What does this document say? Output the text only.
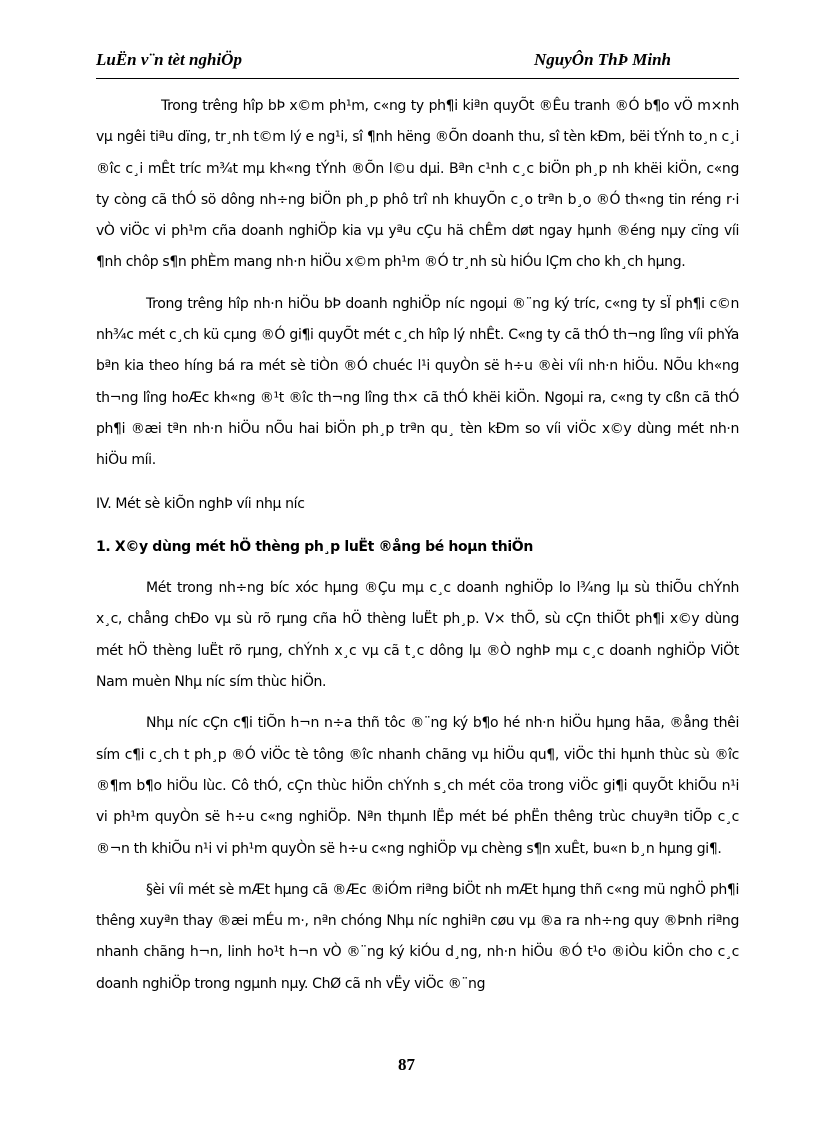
LuËn v¨n tèt nghiÖp	NguyÔn ThÞ Minh

Trong trêng hîp bÞ x©m ph¹m, c«ng ty ph¶i kiªn quyÕt ®Êu tranh ®Ó b¶o vÖ m×nh vµ ngêi tiªu dïng, tr¸nh t©m lý e ng¹i, sî ¶nh hëng ®Õn doanh thu, sî tèn kÐm, bëi tÝnh to¸n c¸i ®îc c¸i mÊt tríc m¾t mµ kh«ng tÝnh ®Õn l©u dµi. Bªn c¹nh c¸c biÖn ph¸p nh khëi kiÖn, c«ng ty còng cã thÓ sö dông nh÷ng biÖn ph¸p phô trî nh khuyÕn c¸o trªn b¸o ®Ó th«ng tin réng r·i vÒ viÖc vi ph¹m cña doanh nghiÖp kia vµ yªu cÇu hä chÊm døt ngay hµnh ®éng nµy cïng víi ¶nh chôp s¶n phÈm mang nh·n hiÖu x©m ph¹m ®Ó tr¸nh sù hiÓu lÇm cho kh¸ch hµng.

Trong trêng hîp nh·n hiÖu bÞ doanh nghiÖp níc ngoµi ®¨ng ký tríc, c«ng ty sÏ ph¶i c©n nh¾c mét c¸ch kü cµng ®Ó gi¶i quyÕt mét c¸ch hîp lý nhÊt. C«ng ty cã thÓ th¬ng lîng víi phÝa bªn kia theo híng bá ra mét sè tiÒn ®Ó chuéc l¹i quyÒn së h÷u ®èi víi nh·n hiÖu. NÕu kh«ng th¬ng lîng hoÆc kh«ng ®¹t ®îc th¬ng lîng th× cã thÓ khëi kiÖn. Ngoµi ra, c«ng ty cßn cã thÓ ph¶i ®æi tªn nh·n hiÖu nÕu hai biÖn ph¸p trªn qu¸ tèn kÐm so víi viÖc x©y dùng mét nh·n hiÖu míi.

IV. Mét sè kiÕn nghÞ víi nhµ níc

1. X©y dùng mét hÖ thèng ph¸p luËt ®ång bé hoµn thiÖn

Mét trong nh÷ng bíc xóc hµng ®Çu mµ c¸c doanh nghiÖp lo l¾ng lµ sù thiÕu chÝnh x¸c, chång chÐo vµ sù rõ rµng cña hÖ thèng luËt ph¸p. V× thÕ, sù cÇn thiÕt ph¶i x©y dùng mét hÖ thèng luËt rõ rµng, chÝnh x¸c vµ cã t¸c dông lµ ®Ò nghÞ mµ c¸c doanh nghiÖp ViÖt Nam muèn Nhµ níc sím thùc hiÖn.

Nhµ níc cÇn c¶i tiÕn h¬n n÷a thñ tôc ®¨ng ký b¶o hé nh·n hiÖu hµng hãa, ®ång thêi sím c¶i c¸ch t ph¸p ®Ó viÖc tè tông ®îc nhanh chãng vµ hiÖu qu¶, viÖc thi hµnh thùc sù ®îc ®¶m b¶o hiÖu lùc. Cô thÓ, cÇn thùc hiÖn chÝnh s¸ch mét cöa trong viÖc gi¶i quyÕt khiÕu n¹i vi ph¹m quyÒn së h÷u c«ng nghiÖp. Nªn thµnh lËp mét bé phËn thêng trùc chuyªn tiÕp c¸c ®¬n th khiÕu n¹i vi ph¹m quyÒn së h÷u c«ng nghiÖp vµ chèng s¶n xuÊt, bu«n b¸n hµng gi¶.

§èi víi mét sè mÆt hµng cã ®Æc ®iÓm riªng biÖt nh mÆt hµng thñ c«ng mü nghÖ ph¶i thêng xuyªn thay ®æi mÉu m·, nªn chóng Nhµ níc nghiªn cøu vµ ®a ra nh÷ng quy ®Þnh riªng nhanh chãng h¬n, linh ho¹t h¬n vÒ ®¨ng ký kiÓu d¸ng, nh·n hiÖu ®Ó t¹o ®iÒu kiÖn cho c¸c doanh nghiÖp trong ngµnh nµy. ChØ cã nh vËy viÖc ®¨ng

87
